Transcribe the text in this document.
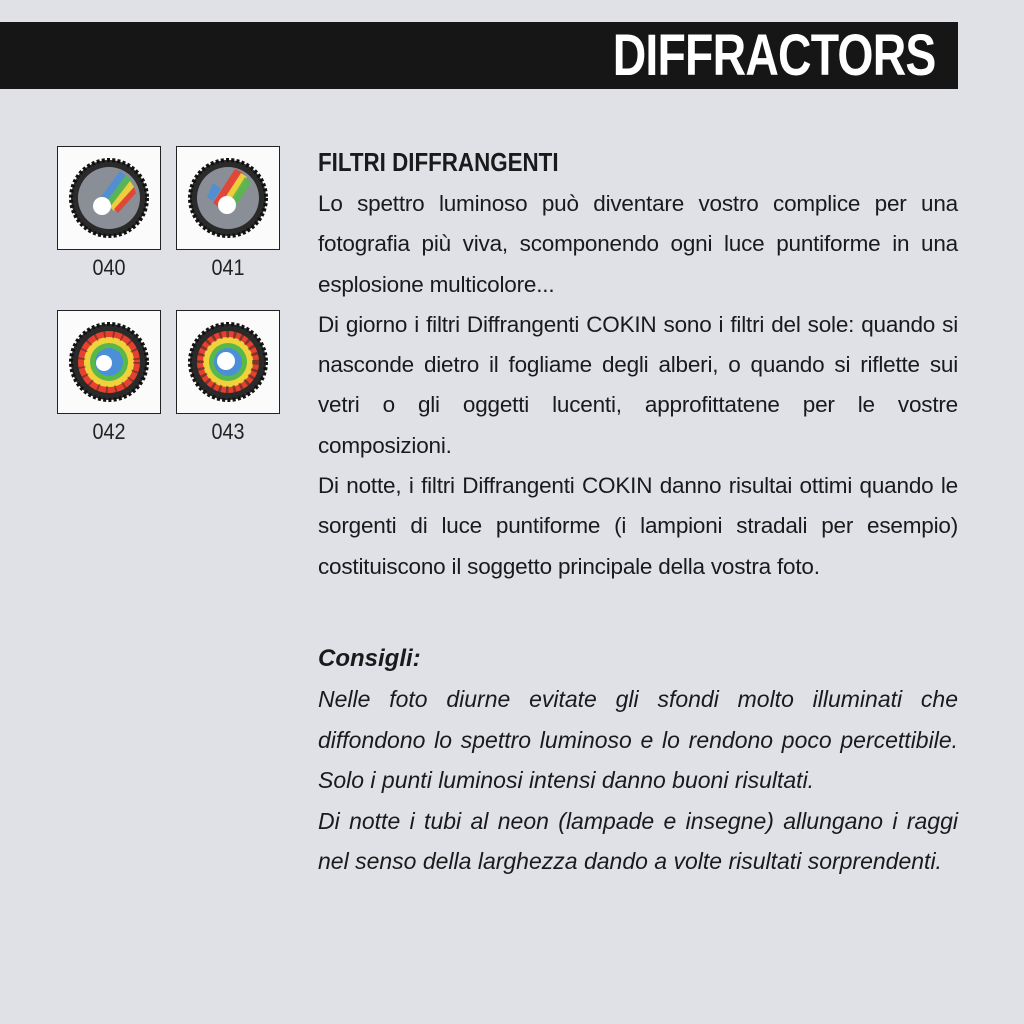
DIFFRACTORS
040	041
042	043
FILTRI DIFFRANGENTI

Lo spettro luminoso può diventare vostro complice per una fotografia più viva, scomponendo ogni luce puntiforme in una esplosione multicolore...

Di giorno i filtri Diffrangenti COKIN sono i filtri del sole: quando si nasconde dietro il fogliame degli alberi, o quando si riflette sui vetri o gli oggetti lucenti, approfittatene per le vostre composizioni.

Di notte, i filtri Diffrangenti COKIN danno risultai ottimi quando le sorgenti di luce puntiforme (i lampioni stradali per esempio) costituiscono il soggetto principale della vostra foto.

Consigli:

Nelle foto diurne evitate gli sfondi molto illuminati che diffondono lo spettro luminoso e lo rendono poco percettibile. Solo i punti luminosi intensi danno buoni risultati.

Di notte i tubi al neon (lampade e insegne) allungano i raggi nel senso della larghezza dando a volte risultati sorprendenti.
